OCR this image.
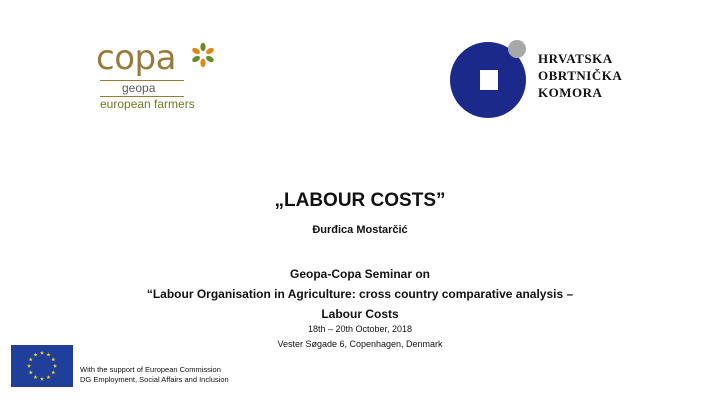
copa
geopa
european farmers
HRVATSKA
OBRTNIČKA
KOMORA
„LABOUR COSTS”
Đurđica Mostarčić
Geopa-Copa Seminar on
“Labour Organisation in Agriculture: cross country comparative analysis –
Labour Costs
18th – 20th October, 2018
Vester Søgade 6, Copenhagen, Denmark
With the support of European Commission
DG Employment, Social Affairs and Inclusion
